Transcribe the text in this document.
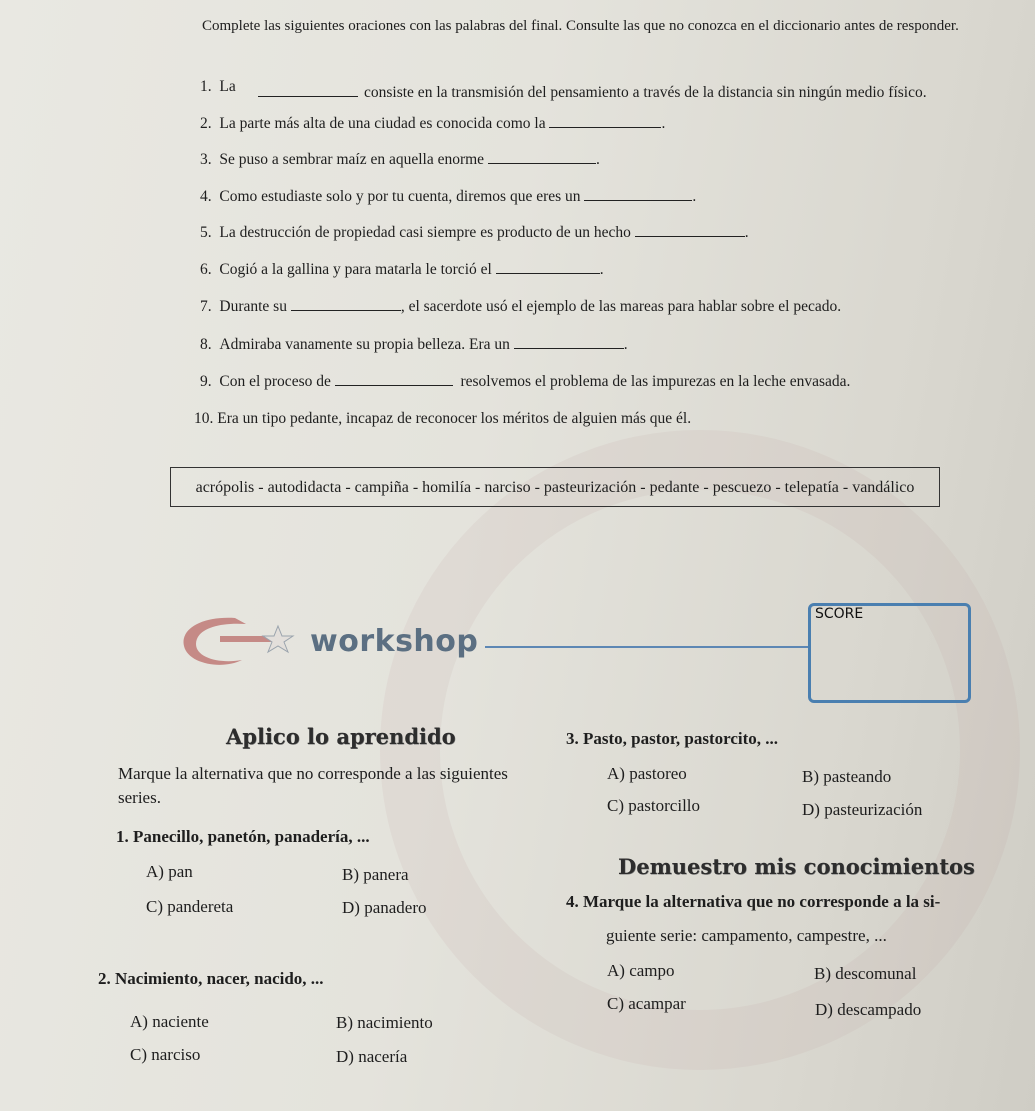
Complete las siguientes oraciones con las palabras del final. Consulte las que no conozca en el diccionario antes de responder.
1. La	consiste en la transmisión del pensamiento a través de la distancia sin ningún medio físico.
2. La parte más alta de una ciudad es conocida como la	.
3. Se puso a sembrar maíz en aquella enorme	.
4. Como estudiaste solo y por tu cuenta, diremos que eres un	.
5. La destrucción de propiedad casi siempre es producto de un hecho	.
6. Cogió a la gallina y para matarla le torció el	.
7. Durante su	, el sacerdote usó el ejemplo de las mareas para hablar sobre el pecado.
8. Admiraba vanamente su propia belleza. Era un	.
9. Con el proceso de	resolvemos el problema de las impurezas en la leche envasada.
10. Era un tipo pedante, incapaz de reconocer los méritos de alguien más que él.
acrópolis - autodidacta - campiña - homilía - narciso - pasteurización - pedante - pescuezo - telepatía - vandálico
workshop
SCORE
Aplico lo aprendido
Marque la alternativa que no corresponde a las siguientes
series.
1. Panecillo, panetón, panadería, ...
A) pan	B) panera
C) pandereta	D) panadero
2. Nacimiento, nacer, nacido, ...
A) naciente	B) nacimiento
C) narciso	D) nacería
3. Pasto, pastor, pastorcito, ...
A) pastoreo	B) pasteando
C) pastorcillo	D) pasteurización
Demuestro mis conocimientos
4. Marque la alternativa que no corresponde a la si-
guiente serie: campamento, campestre, ...
A) campo	B) descomunal
C) acampar	D) descampado
